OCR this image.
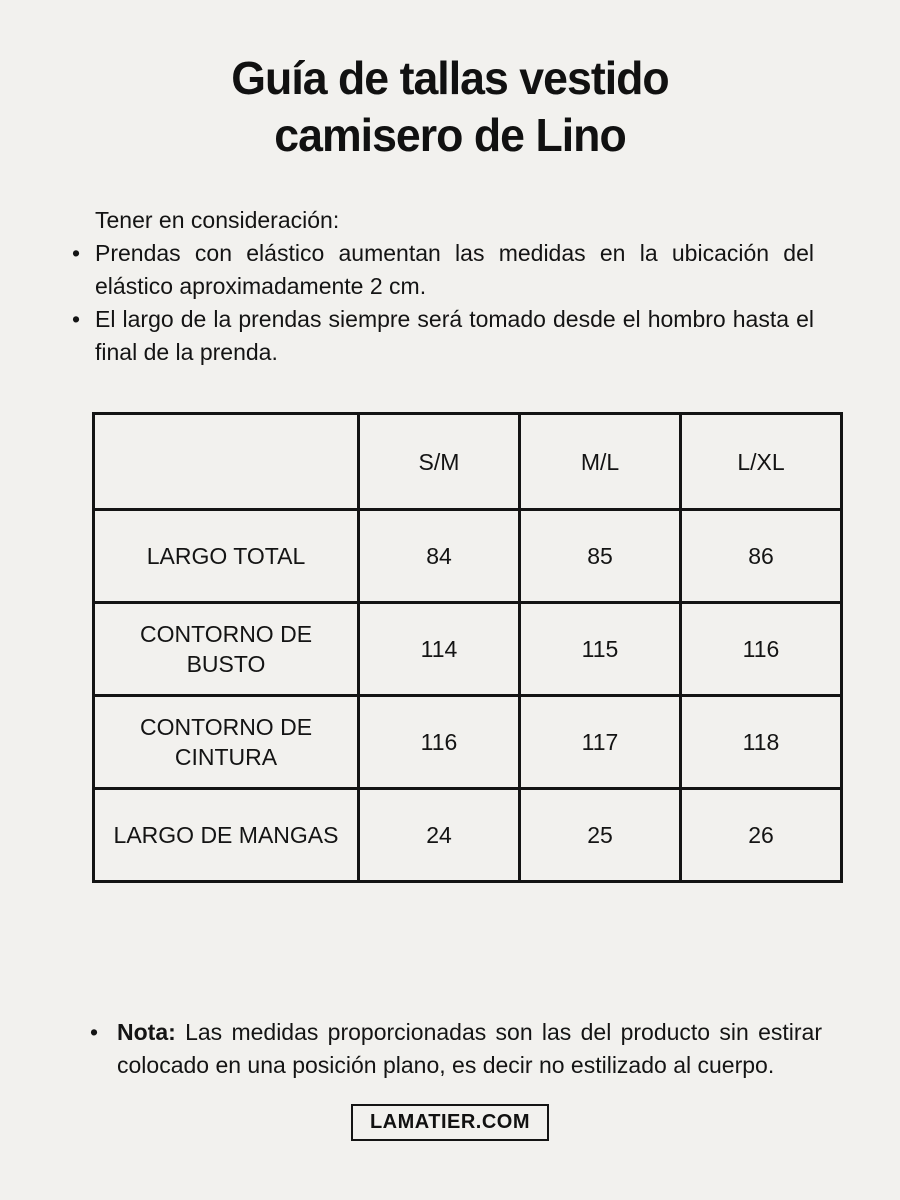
Guía de tallas vestido
camisero de Lino
Tener en consideración:
• Prendas con elástico aumentan las medidas en la ubicación del elástico aproximadamente 2 cm.
• El largo de la prendas siempre será tomado desde el hombro hasta el final de la prenda.
	S/M	M/L	L/XL
LARGO TOTAL	84	85	86
CONTORNO DE BUSTO	114	115	116
CONTORNO DE CINTURA	116	117	118
LARGO DE MANGAS	24	25	26
• Nota: Las medidas proporcionadas son las del producto sin estirar colocado en una posición plano, es decir no estilizado al cuerpo.
LAMATIER.COM
